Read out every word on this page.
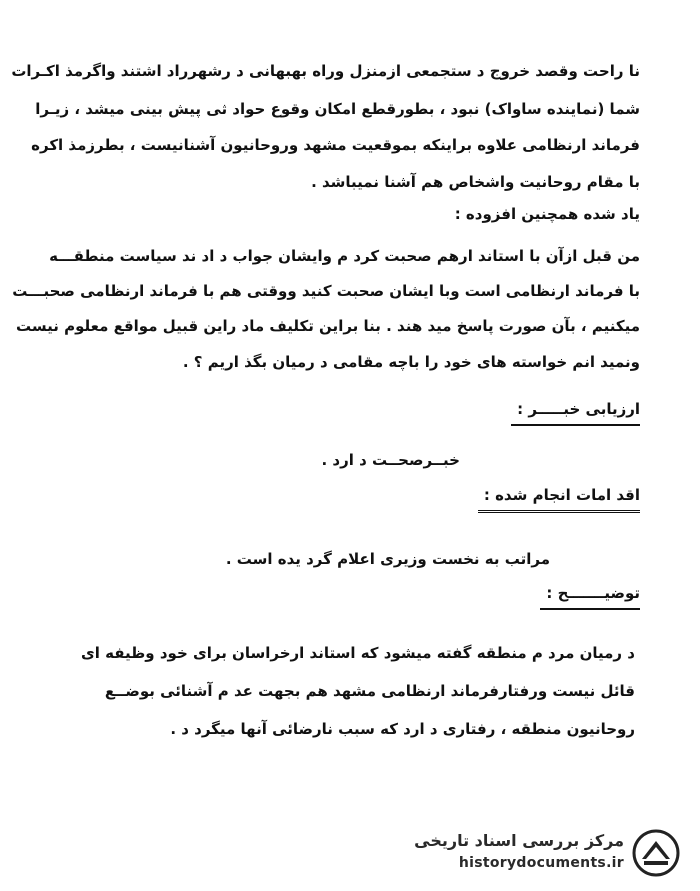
نا راحت وقصد خروج د ستجمعی ازمنزل وراه بهبهانی د رشهرراد اشتند واگرمذ اکـرات
شما (نماینده ساواک) نبود ، بطورقطع امکان وقوع حواد ثی پیش بینی میشد ، زیـرا
فرماند ارنظامی علاوه براینکه بموقعیت مشهد وروحانیون آشنانیست ، بطرزمذ اکره
با مقام روحانیت واشخاص هم آشنا نمیباشد .
یاد شده همچنین افزوده :
من قبل ازآن با استاند ارهم صحبت کرد م وایشان جواب د اد ند سیاست منطقـــه
با فرماند ارنظامی است وبا ایشان صحبت کنید ووقتی هم با فرماند ارنظامی صحبـــت
میکنیم ، بآن صورت پاسخ مید هند . بنا براین تکلیف ماد راین قبیل مواقع معلوم نیست
ونمید انم خواسته های خود را باچه مقامی د رمیان بگذ اریم ؟ .
ارزیابی خبـــــر :
خبــرصحــت د ارد .
اقد امات انجام شده :
مراتب به نخست وزیری اعلام گرد یده است .
توضیـــــــح :
د رمیان مرد م منطقه گفته میشود که استاند ارخراسان برای خود وظیفه ای
قائل نیست ورفتارفرماند ارنظامی مشهد هم بجهت عد م آشنائی بوضــع
روحانیون منطقه ، رفتاری د ارد که سبب نارضائی آنها میگرد د .
مرکز بررسی اسناد تاریخی
historydocuments.ir
